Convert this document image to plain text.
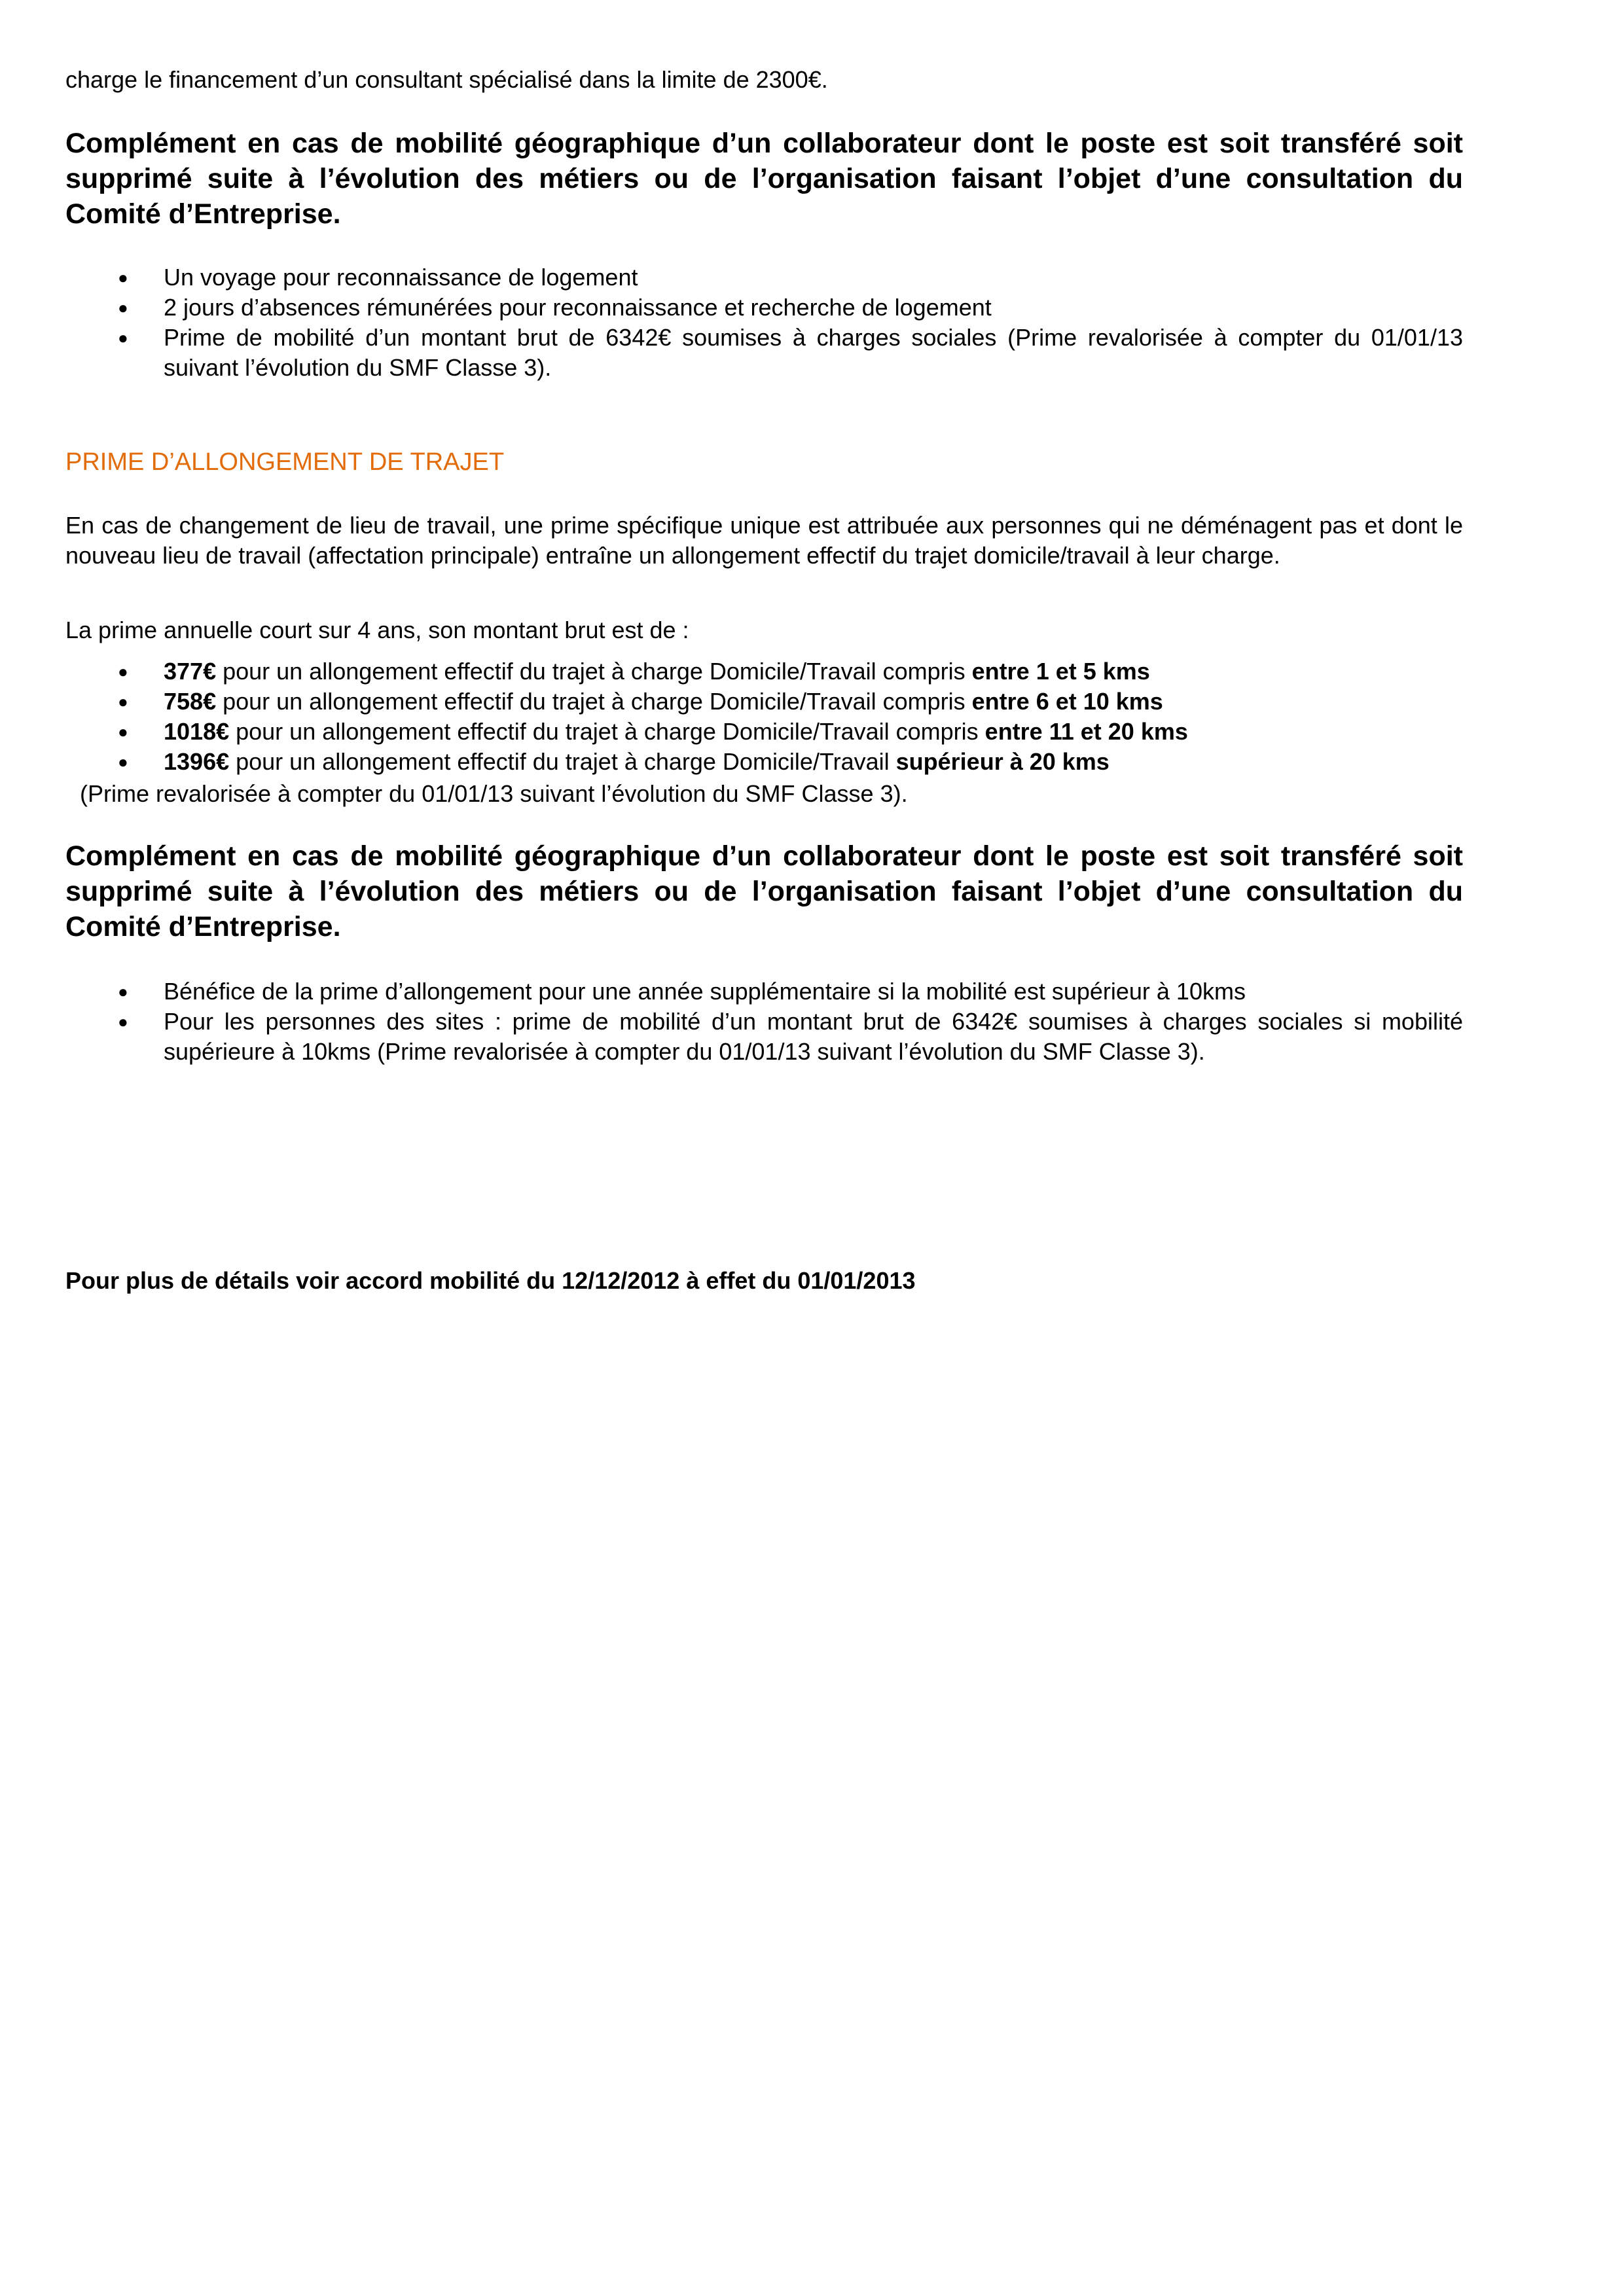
charge le financement d’un consultant spécialisé dans la limite de 2300€.
Complément en cas de mobilité géographique d’un collaborateur dont le poste est soit transféré soit supprimé suite à l’évolution des métiers ou de l’organisation faisant l’objet d’une consultation du Comité d’Entreprise.
● Un voyage pour reconnaissance de logement
● 2 jours d’absences rémunérées pour reconnaissance et recherche de logement
● Prime de mobilité d’un montant brut de 6342€ soumises à charges sociales (Prime revalorisée à compter du 01/01/13 suivant l’évolution du SMF Classe 3).
PRIME D’ALLONGEMENT DE TRAJET
En cas de changement de lieu de travail, une prime spécifique unique est attribuée aux personnes qui ne déménagent pas et dont le nouveau lieu de travail (affectation principale) entraîne un allongement effectif du trajet domicile/travail à leur charge.
La prime annuelle court sur 4 ans, son montant brut est de :
● 377€ pour un allongement effectif du trajet à charge Domicile/Travail compris entre 1 et 5 kms
● 758€ pour un allongement effectif du trajet à charge Domicile/Travail compris entre 6 et 10 kms
● 1018€ pour un allongement effectif du trajet à charge Domicile/Travail compris entre 11 et 20 kms
● 1396€ pour un allongement effectif du trajet à charge Domicile/Travail supérieur à 20 kms
(Prime revalorisée à compter du 01/01/13 suivant l’évolution du SMF Classe 3).
Complément en cas de mobilité géographique d’un collaborateur dont le poste est soit transféré soit supprimé suite à l’évolution des métiers ou de l’organisation faisant l’objet d’une consultation du Comité d’Entreprise.
● Bénéfice de la prime d’allongement pour une année supplémentaire si la mobilité est supérieur à 10kms
● Pour les personnes des sites : prime de mobilité d’un montant brut de 6342€ soumises à charges sociales si mobilité supérieure à 10kms (Prime revalorisée à compter du 01/01/13 suivant l’évolution du SMF Classe 3).
Pour plus de détails voir accord mobilité du 12/12/2012 à effet du 01/01/2013
